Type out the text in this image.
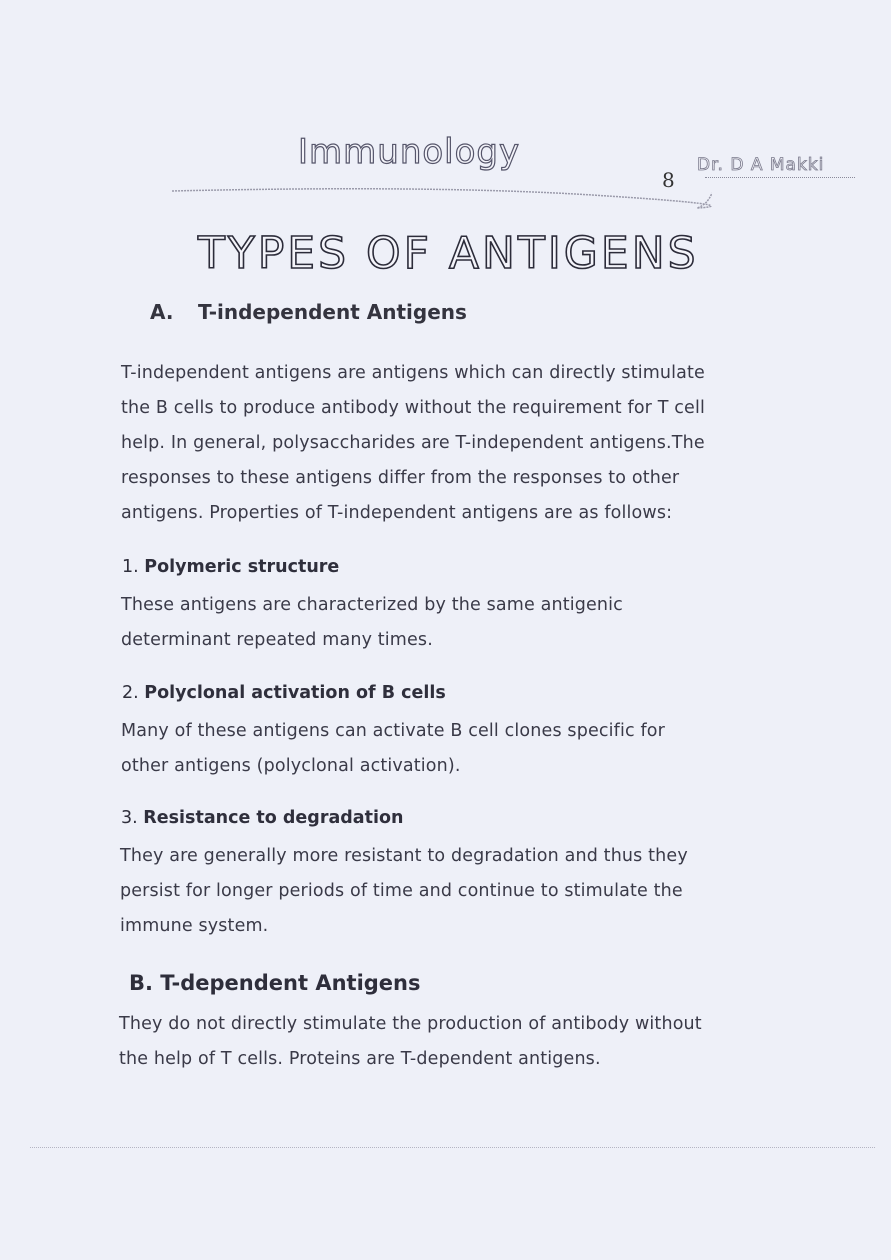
Immunology
8
Dr. D A Makki
TYPES OF ANTIGENS
A. T-independent Antigens
T-independent antigens are antigens which can directly stimulate
the B cells to produce antibody without the requirement for T cell
help. In general, polysaccharides are T-independent antigens.The
responses to these antigens differ from the responses to other
antigens. Properties of T-independent antigens are as follows:
1. Polymeric structure
These antigens are characterized by the same antigenic
determinant repeated many times.
2. Polyclonal activation of B cells
Many of these antigens can activate B cell clones specific for
other antigens (polyclonal activation).
3. Resistance to degradation
They are generally more resistant to degradation and thus they
persist for longer periods of time and continue to stimulate the
immune system.
B. T-dependent Antigens
They do not directly stimulate the production of antibody without
the help of T cells. Proteins are T-dependent antigens.
